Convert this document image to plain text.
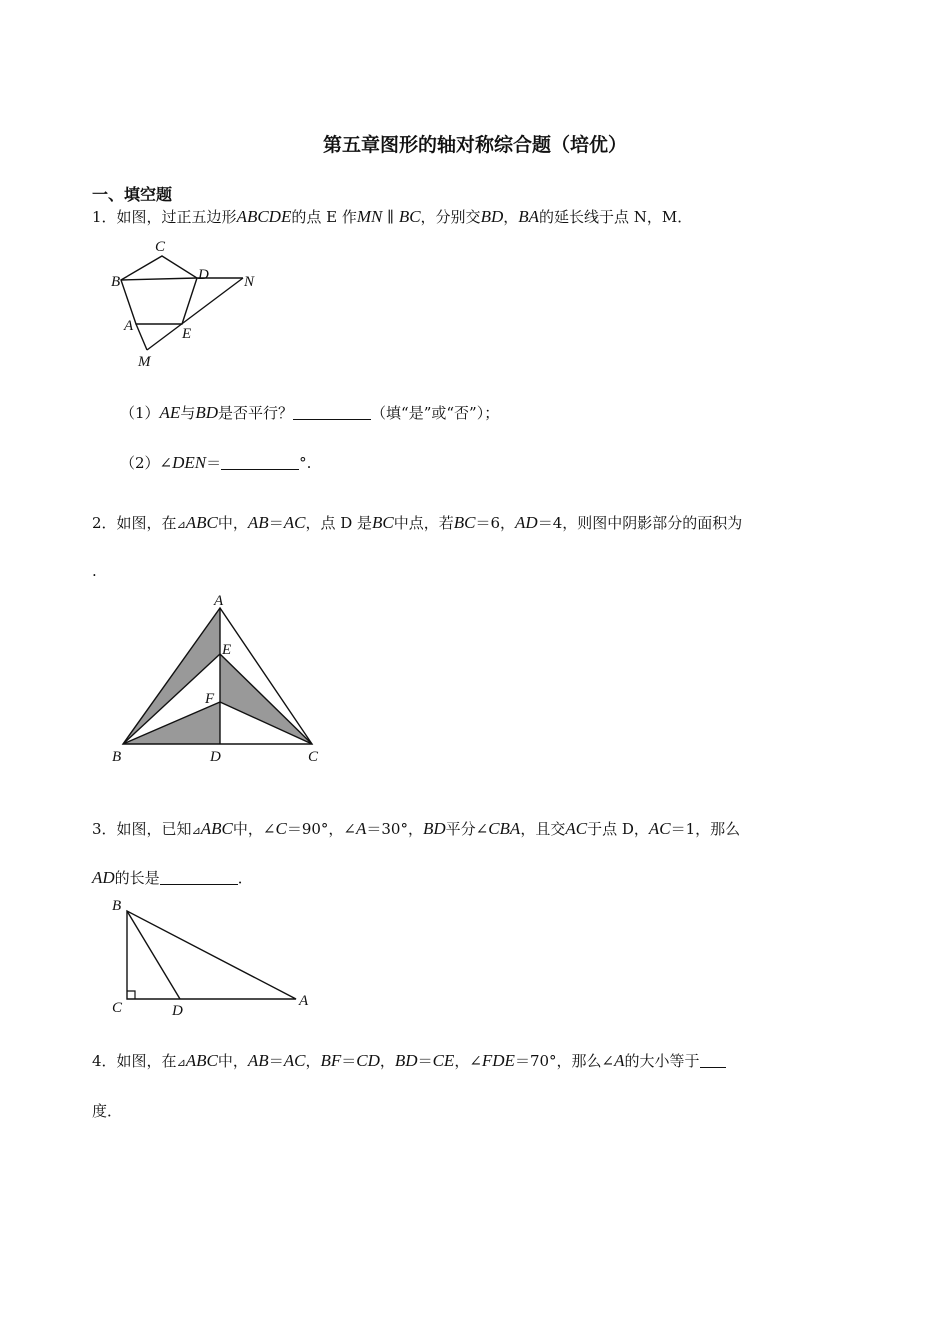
第五章图形的轴对称综合题（培优）
一、填空题
1．如图，过正五边形ABCDE的点 E 作MN ∥ BC，分别交BD，BA的延长线于点 N，M．
C
B	D N
A	E
M
（1）AE与BD是否平行？	（填“是”或“否”）；
（2）∠DEN＝	°.
2．如图，在⊿ABC中，AB＝AC，点 D 是BC中点，若BC＝6，AD＝4，则图中阴影部分的面积为
.
A
E
F
B	D	C
3．如图，已知⊿ABC中，∠C＝90°，∠A＝30°，BD平分∠CBA，且交AC于点 D，AC＝1，那么
AD的长是	．
B
C	D
A
4．如图，在⊿ABC中，AB＝AC，BF＝CD，BD＝CE，∠FDE＝70°，那么∠A的大小等于
度．
